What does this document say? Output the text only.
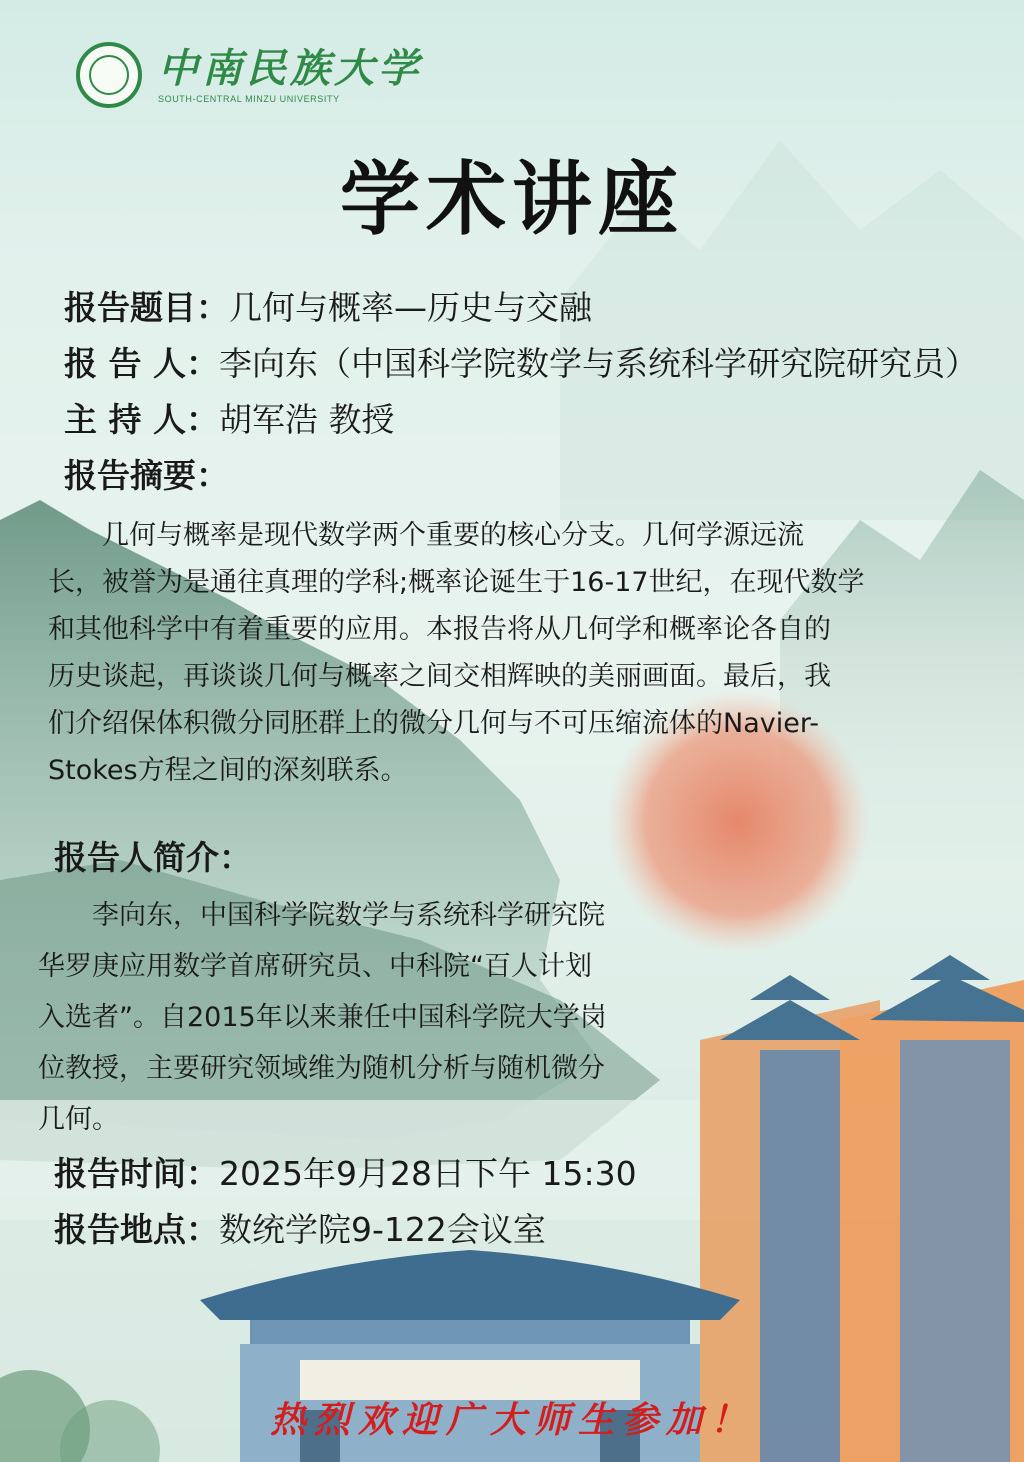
中南民族大学
SOUTH-CENTRAL MINZU UNIVERSITY
学术讲座
报告题目：几何与概率—历史与交融
报 告 人：李向东（中国科学院数学与系统科学研究院研究员）
主 持 人：胡军浩 教授
报告摘要：
　　几何与概率是现代数学两个重要的核心分支。几何学源远流
长，被誉为是通往真理的学科;概率论诞生于16-17世纪，在现代数学
和其他科学中有着重要的应用。本报告将从几何学和概率论各自的
历史谈起，再谈谈几何与概率之间交相辉映的美丽画面。最后，我
们介绍保体积微分同胚群上的微分几何与不可压缩流体的Navier-
Stokes方程之间的深刻联系。
报告人简介：
　　李向东，中国科学院数学与系统科学研究院
华罗庚应用数学首席研究员、中科院“百人计划
入选者”。自2015年以来兼任中国科学院大学岗
位教授，主要研究领域维为随机分析与随机微分
几何。
报告时间：2025年9月28日下午 15:30
报告地点：数统学院9-122会议室
热烈欢迎广大师生参加！
